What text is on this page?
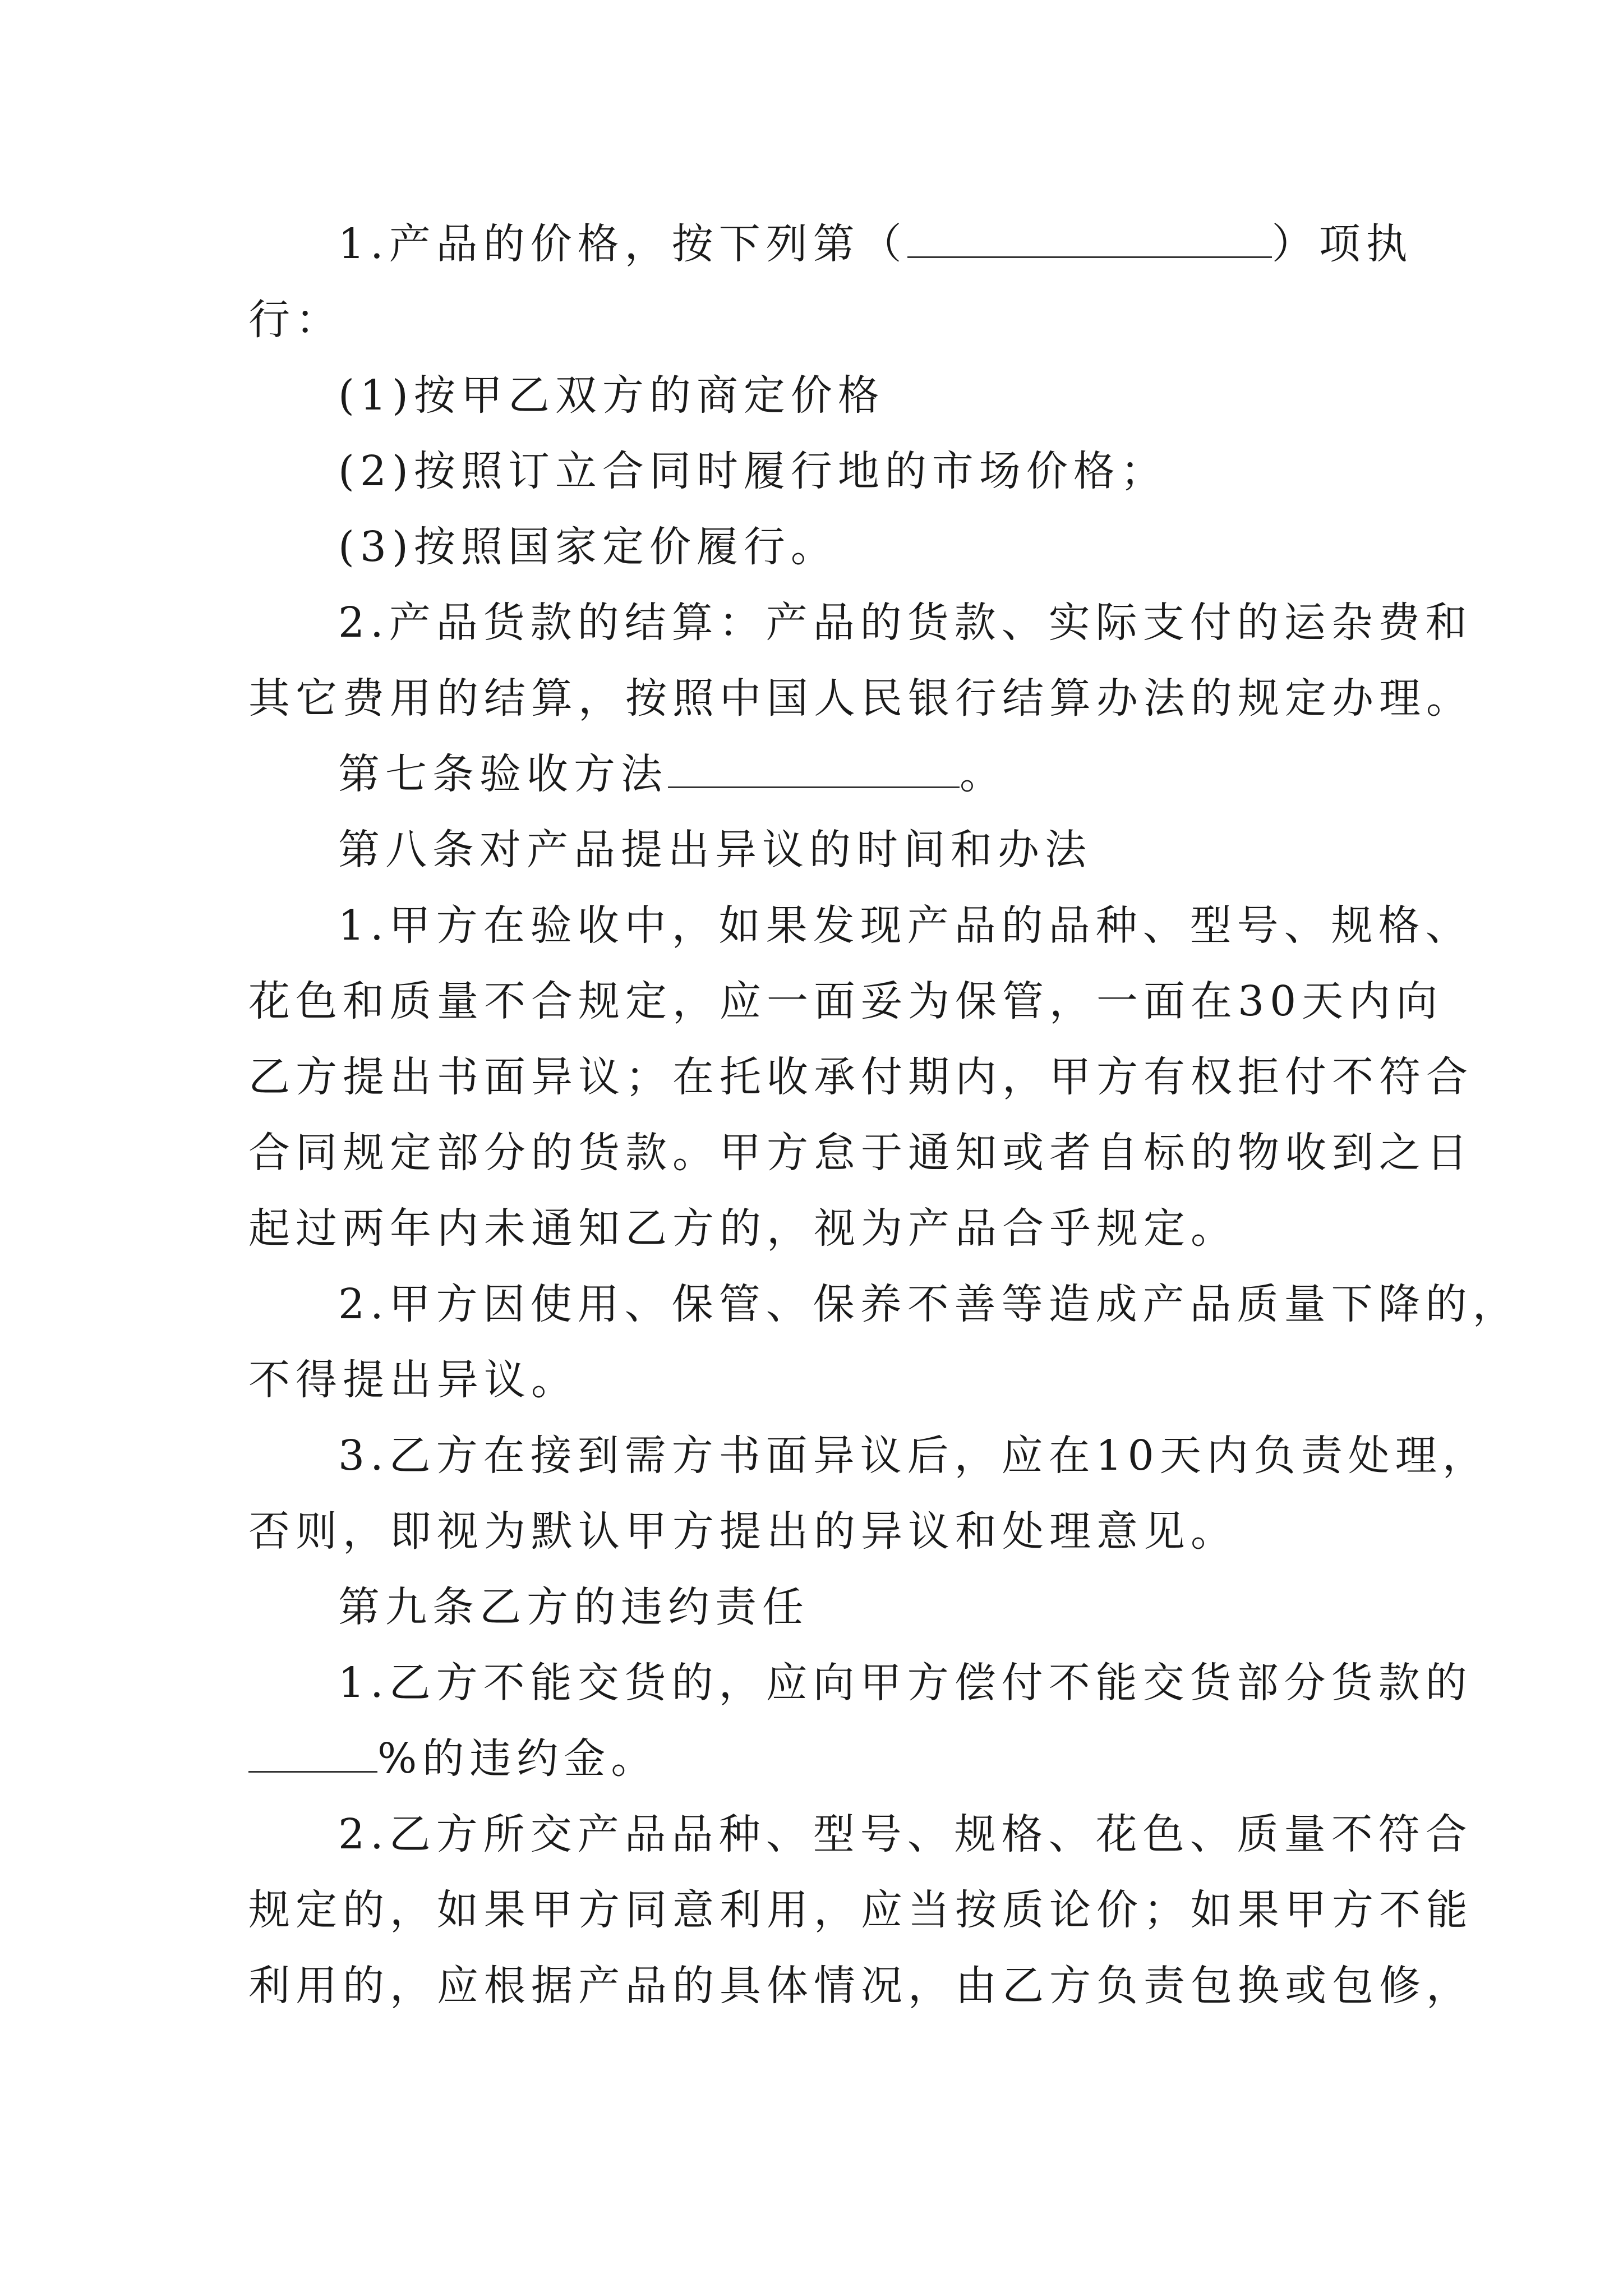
1.产品的价格，按下列第（	）项执
行：
(1)按甲乙双方的商定价格
(2)按照订立合同时履行地的市场价格；
(3)按照国家定价履行。
2.产品货款的结算：产品的货款、实际支付的运杂费和
其它费用的结算，按照中国人民银行结算办法的规定办理。
第七条验收方法	。
第八条对产品提出异议的时间和办法
1.甲方在验收中，如果发现产品的品种、型号、规格、
花色和质量不合规定，应一面妥为保管，一面在30天内向
乙方提出书面异议；在托收承付期内，甲方有权拒付不符合
合同规定部分的货款。甲方怠于通知或者自标的物收到之日
起过两年内未通知乙方的，视为产品合乎规定。
2.甲方因使用、保管、保养不善等造成产品质量下降的，
不得提出异议。
3.乙方在接到需方书面异议后，应在10天内负责处理，
否则，即视为默认甲方提出的异议和处理意见。
第九条乙方的违约责任
1.乙方不能交货的，应向甲方偿付不能交货部分货款的
%的违约金。
2.乙方所交产品品种、型号、规格、花色、质量不符合
规定的，如果甲方同意利用，应当按质论价；如果甲方不能
利用的，应根据产品的具体情况，由乙方负责包换或包修，
